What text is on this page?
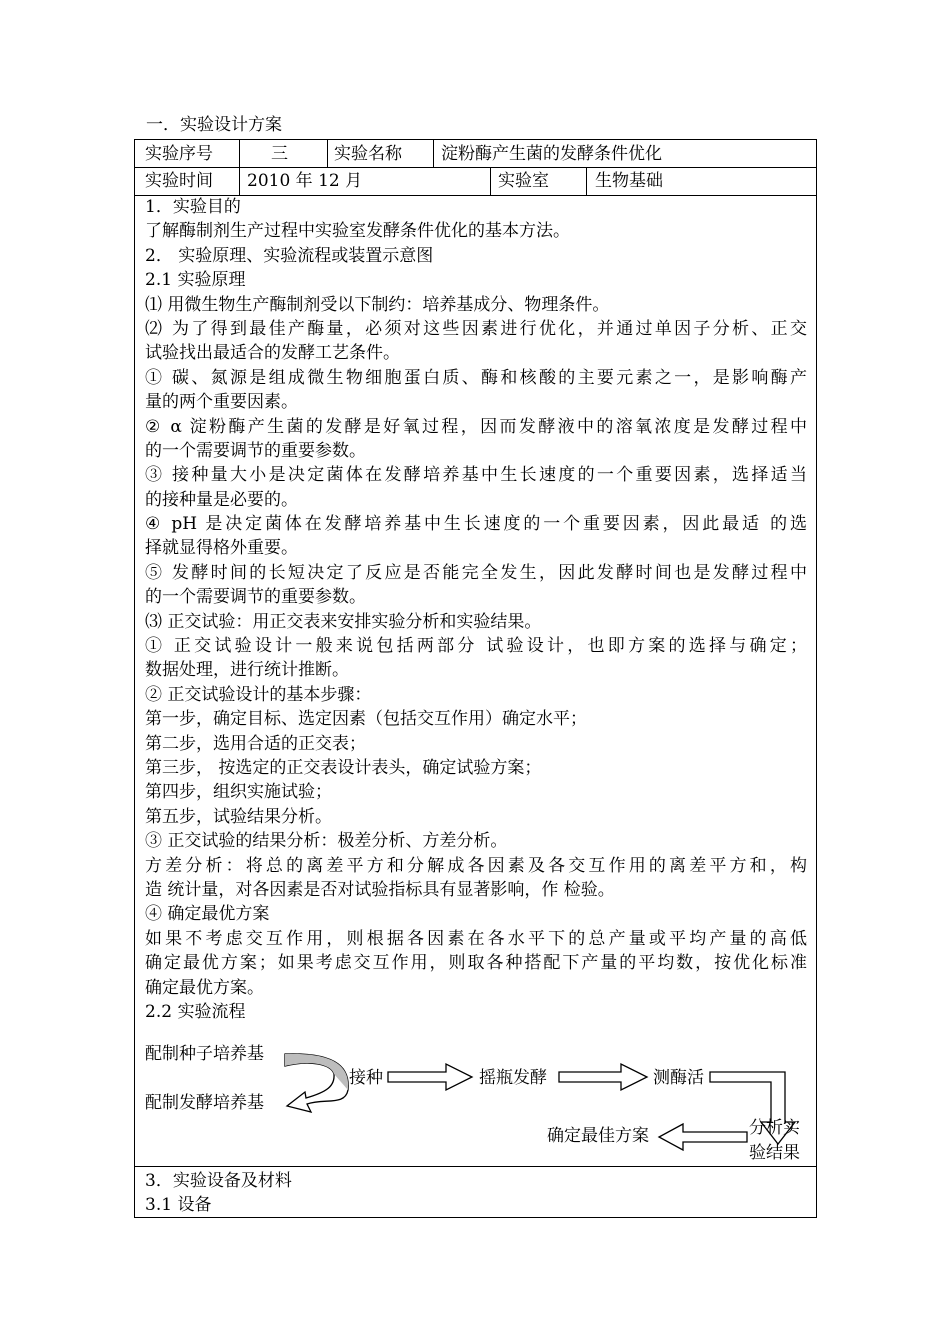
一．实验设计方案
实验序号	三	实验名称 淀粉酶产生菌的发酵条件优化
实验时间 2010 年 12 月	实验室	生物基础
1．实验目的
了解酶制剂生产过程中实验室发酵条件优化的基本方法。
2． 实验原理、实验流程或装置示意图
2.1 实验原理
⑴ 用微生物生产酶制剂受以下制约：培养基成分、物理条件。
⑵ 为了得到最佳产酶量，必须对这些因素进行优化，并通过单因子分析、正交
试验找出最适合的发酵工艺条件。
① 碳、氮源是组成微生物细胞蛋白质、酶和核酸的主要元素之一，是影响酶产
量的两个重要因素。
② α 淀粉酶产生菌的发酵是好氧过程，因而发酵液中的溶氧浓度是发酵过程中
的一个需要调节的重要参数。
③ 接种量大小是决定菌体在发酵培养基中生长速度的一个重要因素，选择适当
的接种量是必要的。
④ pH 是决定菌体在发酵培养基中生长速度的一个重要因素，因此最适 的选
择就显得格外重要。
⑤ 发酵时间的长短决定了反应是否能完全发生，因此发酵时间也是发酵过程中
的一个需要调节的重要参数。
⑶ 正交试验：用正交表来安排实验分析和实验结果。
① 正交试验设计一般来说包括两部分 试验设计，也即方案的选择与确定；
数据处理，进行统计推断。
② 正交试验设计的基本步骤：
第一步，确定目标、选定因素（包括交互作用）确定水平；
第二步，选用合适的正交表；
第三步， 按选定的正交表设计表头，确定试验方案；
第四步，组织实施试验；
第五步，试验结果分析。
③ 正交试验的结果分析：极差分析、方差分析。
方差分析：将总的离差平方和分解成各因素及各交互作用的离差平方和，构
造 统计量，对各因素是否对试验指标具有显著影响，作 检验。
④ 确定最优方案
如果不考虑交互作用，则根据各因素在各水平下的总产量或平均产量的高低
确定最优方案；如果考虑交互作用，则取各种搭配下产量的平均数，按优化标准
确定最优方案。
2.2 实验流程
配制种子培养基
配制发酵培养基
接种	摇瓶发酵	测酶活
分析实
验结果
确定最佳方案
3．实验设备及材料
3.1 设备
